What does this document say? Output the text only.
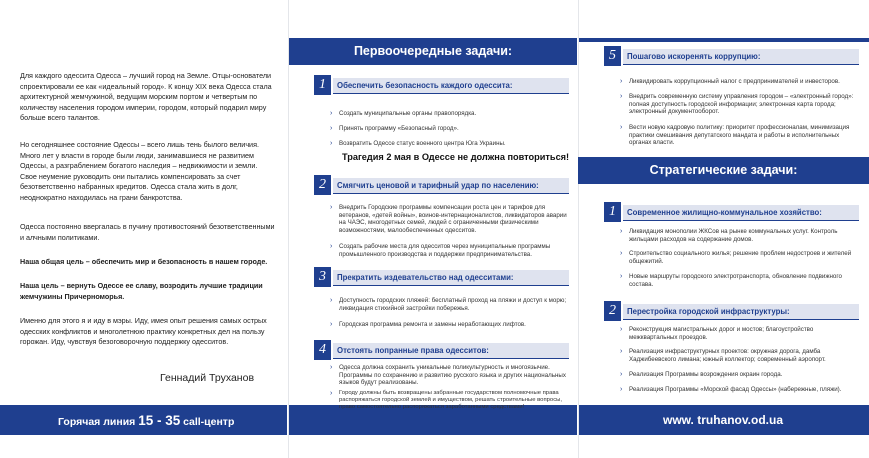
Для каждого одессита Одесса – лучший город на Земле. Отцы-основатели спроектировали ее как «идеальный город». К концу XIX века Одесса стала архитектурной жемчужиной, ведущим морским портом и четвертым по количеству населения городом империи, городом, который подарил миру больше всего талантов.
Но сегодняшнее состояние Одессы – всего лишь тень былого величия. Много лет у власти в городе были люди, занимавшиеся не развитием Одессы, а разграблением богатого наследия – недвижимости и земли. Свое неумение руководить они пытались компенсировать за счет безответственно набранных кредитов. Одесса стала жить в долг, неоднократно находилась на грани банкротства.
Одесса постоянно ввергалась в пучину противостояний безответственными и алчными политиками.
Наша общая цель – обеспечить мир и безопасность в нашем городе.
Наша цель – вернуть Одессе ее славу, возродить лучшие традиции жемчужины Причерноморья.
Именно для этого я и иду в мэры. Иду, имея опыт решения самых острых одесских конфликтов и многолетнюю практику конкретных дел на пользу горожан. Иду, чувствуя безоговорочную поддержку одесситов.
Геннадий Труханов
Горячая линия 15 - 35 call-центр	www. truhanov.od.ua
Первоочередные задачи:
1	Обеспечить безопасность каждого одессита:
› Создать муниципальные органы правопорядка.
› Принять программу «Безопасный город».
› Возвратить Одессе статус военного центра Юга Украины.
Трагедия 2 мая в Одессе не должна повториться!
2	Смягчить ценовой и тарифный удар по населению:
› Внедрить Городские программы компенсации роста цен и тарифов для ветеранов, «детей войны», воинов-интернационалистов, ликвидаторов аварии на ЧАЭС, многодетных семей, людей с ограниченными физическими возможностями, малообеспеченных одесситов.
› Создать рабочие места для одесситов через муниципальные программы промышленного производства и поддержки предпринимательства.
3	Прекратить издевательство над одесситами:
› Доступность городских пляжей: бесплатный проход на пляжи и доступ к морю; ликвидация стихийной застройки побережья.
› Городская программа ремонта и замены неработающих лифтов.
4	Отстоять попранные права одесситов:
› Одесса должна сохранить уникальные поликультурность и многоязычие. Программы по сохранению и развитию русского языка и других национальных языков будут реализованы.
› Городу должны быть возвращены забранные государством полномочные права распоряжаться городской землей и имуществом, решать строительные вопросы, право самостоятельно распоряжаться заработанными средствами!
5	Пошагово искоренять коррупцию:
› Ликвидировать коррупционный налог с предпринимателей и инвесторов.
› Внедрить современную систему управления городом – «электронный город»: полная доступность городской информации; электронная карта города; электронный документооборот.
› Вести новую кадровую политику: приоритет профессионалам, минимизация практики смешивания депутатского мандата и работы в исполнительных органах власти.
Стратегические задачи:
1	Современное жилищно-коммунальное хозяйство:
› Ликвидация монополии ЖКСов на рынке коммунальных услуг. Контроль жильцами расходов на содержание домов.
› Строительство социального жилья; решение проблем недостроев и жителей общежитий.
› Новые маршруты городского электротранспорта, обновление подвижного состава.
2	Перестройка городской инфраструктуры:
› Реконструкция магистральных дорог и мостов; благоустройство межквартальных проездов.
› Реализация инфраструктурных проектов: окружная дорога, дамба Хаджибеевского лимана; южный коллектор; современный аэропорт.
› Реализация Программы возрождения окраин города.
› Реализация Программы «Морской фасад Одессы» (набережные, пляжи).
